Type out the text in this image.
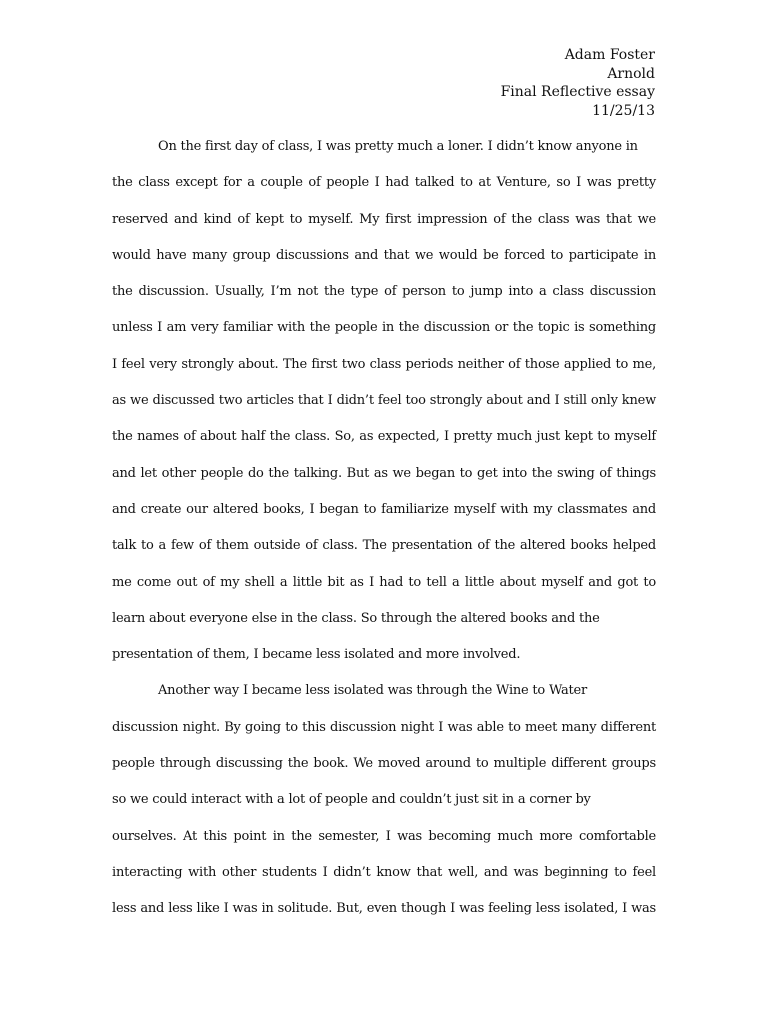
Adam Foster
Arnold
Final Reflective essay
11/25/13
On the first day of class, I was pretty much a loner. I didn’t know anyone in
the class except for a couple of people I had talked to at Venture, so I was pretty
reserved and kind of kept to myself. My first impression of the class was that we
would have many group discussions and that we would be forced to participate in
the discussion. Usually, I’m not the type of person to jump into a class discussion
unless I am very familiar with the people in the discussion or the topic is something
I feel very strongly about. The first two class periods neither of those applied to me,
as we discussed two articles that I didn’t feel too strongly about and I still only knew
the names of about half the class. So, as expected, I pretty much just kept to myself
and let other people do the talking. But as we began to get into the swing of things
and create our altered books, I began to familiarize myself with my classmates and
talk to a few of them outside of class. The presentation of the altered books helped
me come out of my shell a little bit as I had to tell a little about myself and got to
learn about everyone else in the class. So through the altered books and the
presentation of them, I became less isolated and more involved.
Another way I became less isolated was through the Wine to Water
discussion night. By going to this discussion night I was able to meet many different
people through discussing the book. We moved around to multiple different groups
so we could interact with a lot of people and couldn’t just sit in a corner by
ourselves. At this point in the semester, I was becoming much more comfortable
interacting with other students I didn’t know that well, and was beginning to feel
less and less like I was in solitude. But, even though I was feeling less isolated, I was
